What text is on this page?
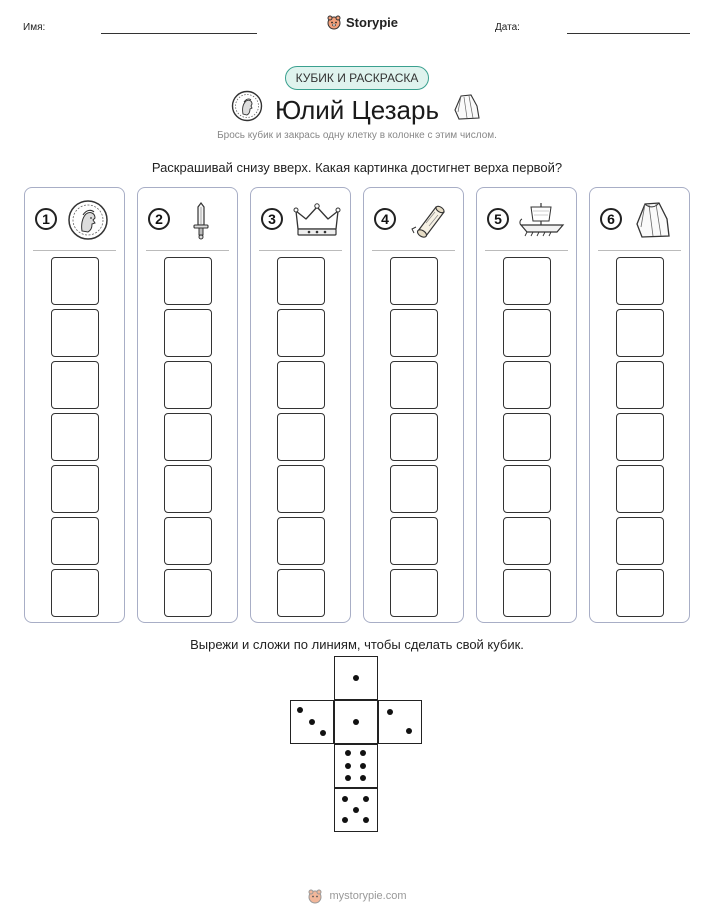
Имя:	Storypie	Дата:
КУБИК И РАСКРАСКА
Юлий Цезарь
Брось кубик и закрась одну клетку в колонке с этим числом.
Раскрашивай снизу вверх. Какая картинка достигнет верха первой?
1	2	3	4	5	6
Вырежи и сложи по линиям, чтобы сделать свой кубик.
mystorypie.com
